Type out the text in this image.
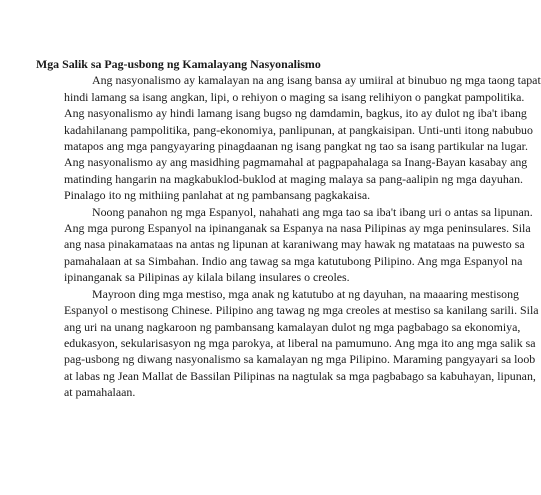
Mga Salik sa Pag-usbong ng Kamalayang Nasyonalismo
Ang nasyonalismo ay kamalayan na ang isang bansa ay umiiral at binubuo ng mga taong tapat
hindi lamang sa isang angkan, lipi, o rehiyon o maging sa isang relihiyon o pangkat pampolitika.
Ang nasyonalismo ay hindi lamang isang bugso ng damdamin, bagkus, ito ay dulot ng iba't ibang
kadahilanang pampolitika, pang-ekonomiya, panlipunan, at pangkaisipan. Unti-unti itong nabubuo
matapos ang mga pangyayaring pinagdaanan ng isang pangkat ng tao sa isang partikular na lugar.
Ang nasyonalismo ay ang masidhing pagmamahal at pagpapahalaga sa Inang-Bayan kasabay ang
matinding hangarin na magkabuklod-buklod at maging malaya sa pang-aalipin ng mga dayuhan.
Pinalago ito ng mithiing panlahat at ng pambansang pagkakaisa.
Noong panahon ng mga Espanyol, nahahati ang mga tao sa iba't ibang uri o antas sa lipunan.
Ang mga purong Espanyol na ipinanganak sa Espanya na nasa Pilipinas ay mga peninsulares. Sila
ang nasa pinakamataas na antas ng lipunan at karaniwang may hawak ng matataas na puwesto sa
pamahalaan at sa Simbahan. Indio ang tawag sa mga katutubong Pilipino. Ang mga Espanyol na
ipinanganak sa Pilipinas ay kilala bilang insulares o creoles.
Mayroon ding mga mestiso, mga anak ng katutubo at ng dayuhan, na maaaring mestisong
Espanyol o mestisong Chinese. Pilipino ang tawag ng mga creoles at mestiso sa kanilang sarili. Sila
ang uri na unang nagkaroon ng pambansang kamalayan dulot ng mga pagbabago sa ekonomiya,
edukasyon, sekularisasyon ng mga parokya, at liberal na pamumuno. Ang mga ito ang mga salik sa
pag-usbong ng diwang nasyonalismo sa kamalayan ng mga Pilipino. Maraming pangyayari sa loob
at labas ng Jean Mallat de Bassilan Pilipinas na nagtulak sa mga pagbabago sa kabuhayan, lipunan,
at pamahalaan.
